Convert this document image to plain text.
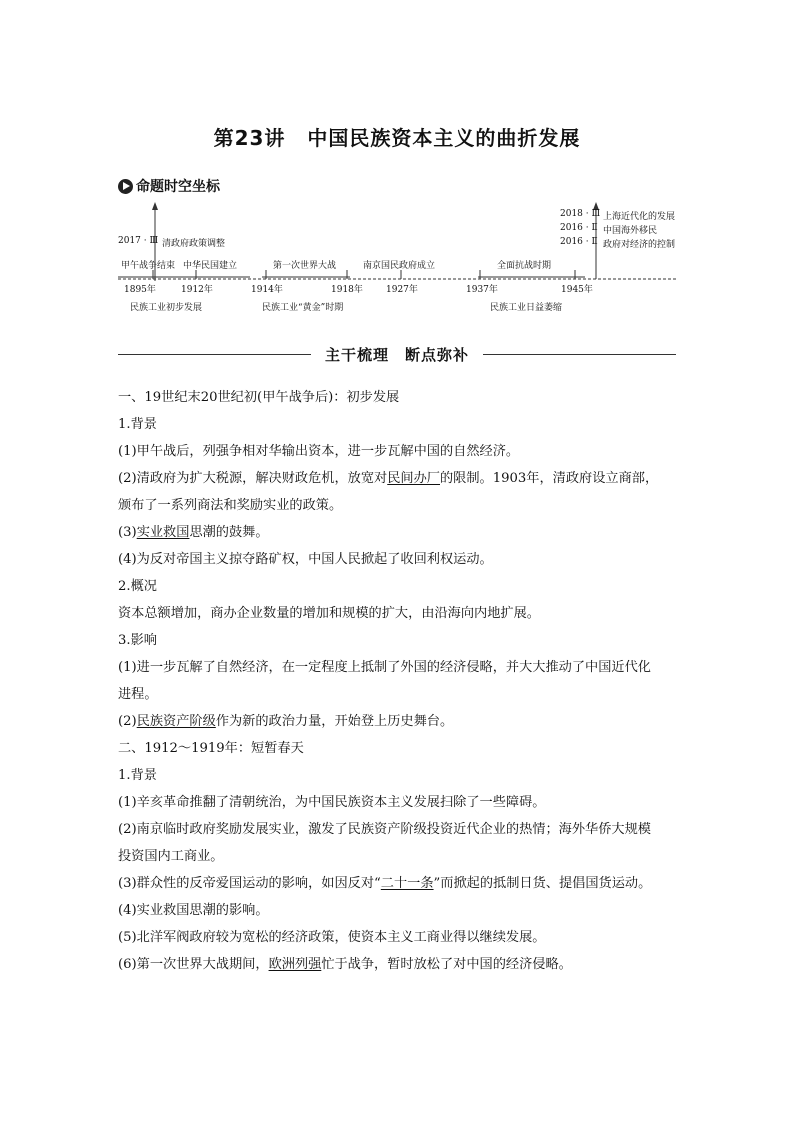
第23讲 中国民族资本主义的曲折发展
命题时空坐标
2017 · Ⅲ 清政府政策调整
2018 · Ⅲ
2016 · Ⅱ
2016 · Ⅱ
上海近代化的发展
中国海外移民
政府对经济的控制
甲午战争结束 中华民国建立	第一次世界大战	南京国民政府成立	全面抗战时期
1895年	1912年	1914年	1918年	1927年	1937年	1945年
民族工业初步发展	民族工业“黄金”时期	民族工业日益萎缩
主干梳理　断点弥补

一、19世纪末20世纪初(甲午战争后)：初步发展

1.背景

(1)甲午战后，列强争相对华输出资本，进一步瓦解中国的自然经济。

(2)清政府为扩大税源，解决财政危机，放宽对民间办厂的限制。1903年，清政府设立商部，

颁布了一系列商法和奖励实业的政策。

(3)实业救国思潮的鼓舞。

(4)为反对帝国主义掠夺路矿权，中国人民掀起了收回利权运动。

2.概况

资本总额增加，商办企业数量的增加和规模的扩大，由沿海向内地扩展。

3.影响

(1)进一步瓦解了自然经济，在一定程度上抵制了外国的经济侵略，并大大推动了中国近代化

进程。

(2)民族资产阶级作为新的政治力量，开始登上历史舞台。

二、1912～1919年：短暂春天

1.背景

(1)辛亥革命推翻了清朝统治，为中国民族资本主义发展扫除了一些障碍。

(2)南京临时政府奖励发展实业，激发了民族资产阶级投资近代企业的热情；海外华侨大规模

投资国内工商业。

(3)群众性的反帝爱国运动的影响，如因反对“二十一条”而掀起的抵制日货、提倡国货运动。

(4)实业救国思潮的影响。

(5)北洋军阀政府较为宽松的经济政策，使资本主义工商业得以继续发展。

(6)第一次世界大战期间，欧洲列强忙于战争，暂时放松了对中国的经济侵略。
